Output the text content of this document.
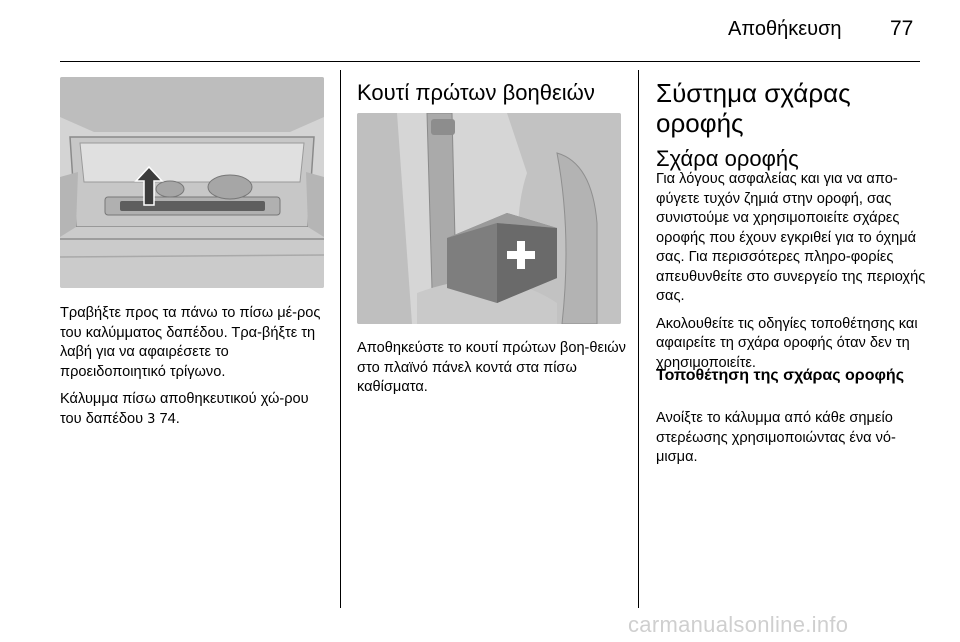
Αποθήκευση 77

Τραβήξτε προς τα πάνω το πίσω μέ-ρος του καλύμματος δαπέδου. Τρα-βήξτε τη λαβή για να αφαιρέσετε το προειδοποιητικό τρίγωνο.

Κάλυμμα πίσω αποθηκευτικού χώ-ρου του δαπέδου 3 74.

Κουτί πρώτων βοηθειών

Αποθηκεύστε το κουτί πρώτων βοη-θειών στο πλαϊνό πάνελ κοντά στα πίσω καθίσματα.

Σύστημα σχάρας οροφής
Σχάρα οροφής

Για λόγους ασφαλείας και για να απο-φύγετε τυχόν ζημιά στην οροφή, σας συνιστούμε να χρησιμοποιείτε σχάρες οροφής που έχουν εγκριθεί για το όχημά σας. Για περισσότερες πληρο-φορίες απευθυνθείτε στο συνεργείο της περιοχής σας.

Ακολουθείτε τις οδηγίες τοποθέτησης και αφαιρείτε τη σχάρα οροφής όταν δεν τη χρησιμοποιείτε.

Τοποθέτηση της σχάρας οροφής

Ανοίξτε το κάλυμμα από κάθε σημείο στερέωσης χρησιμοποιώντας ένα νό-μισμα.

carmanualsonline.info
